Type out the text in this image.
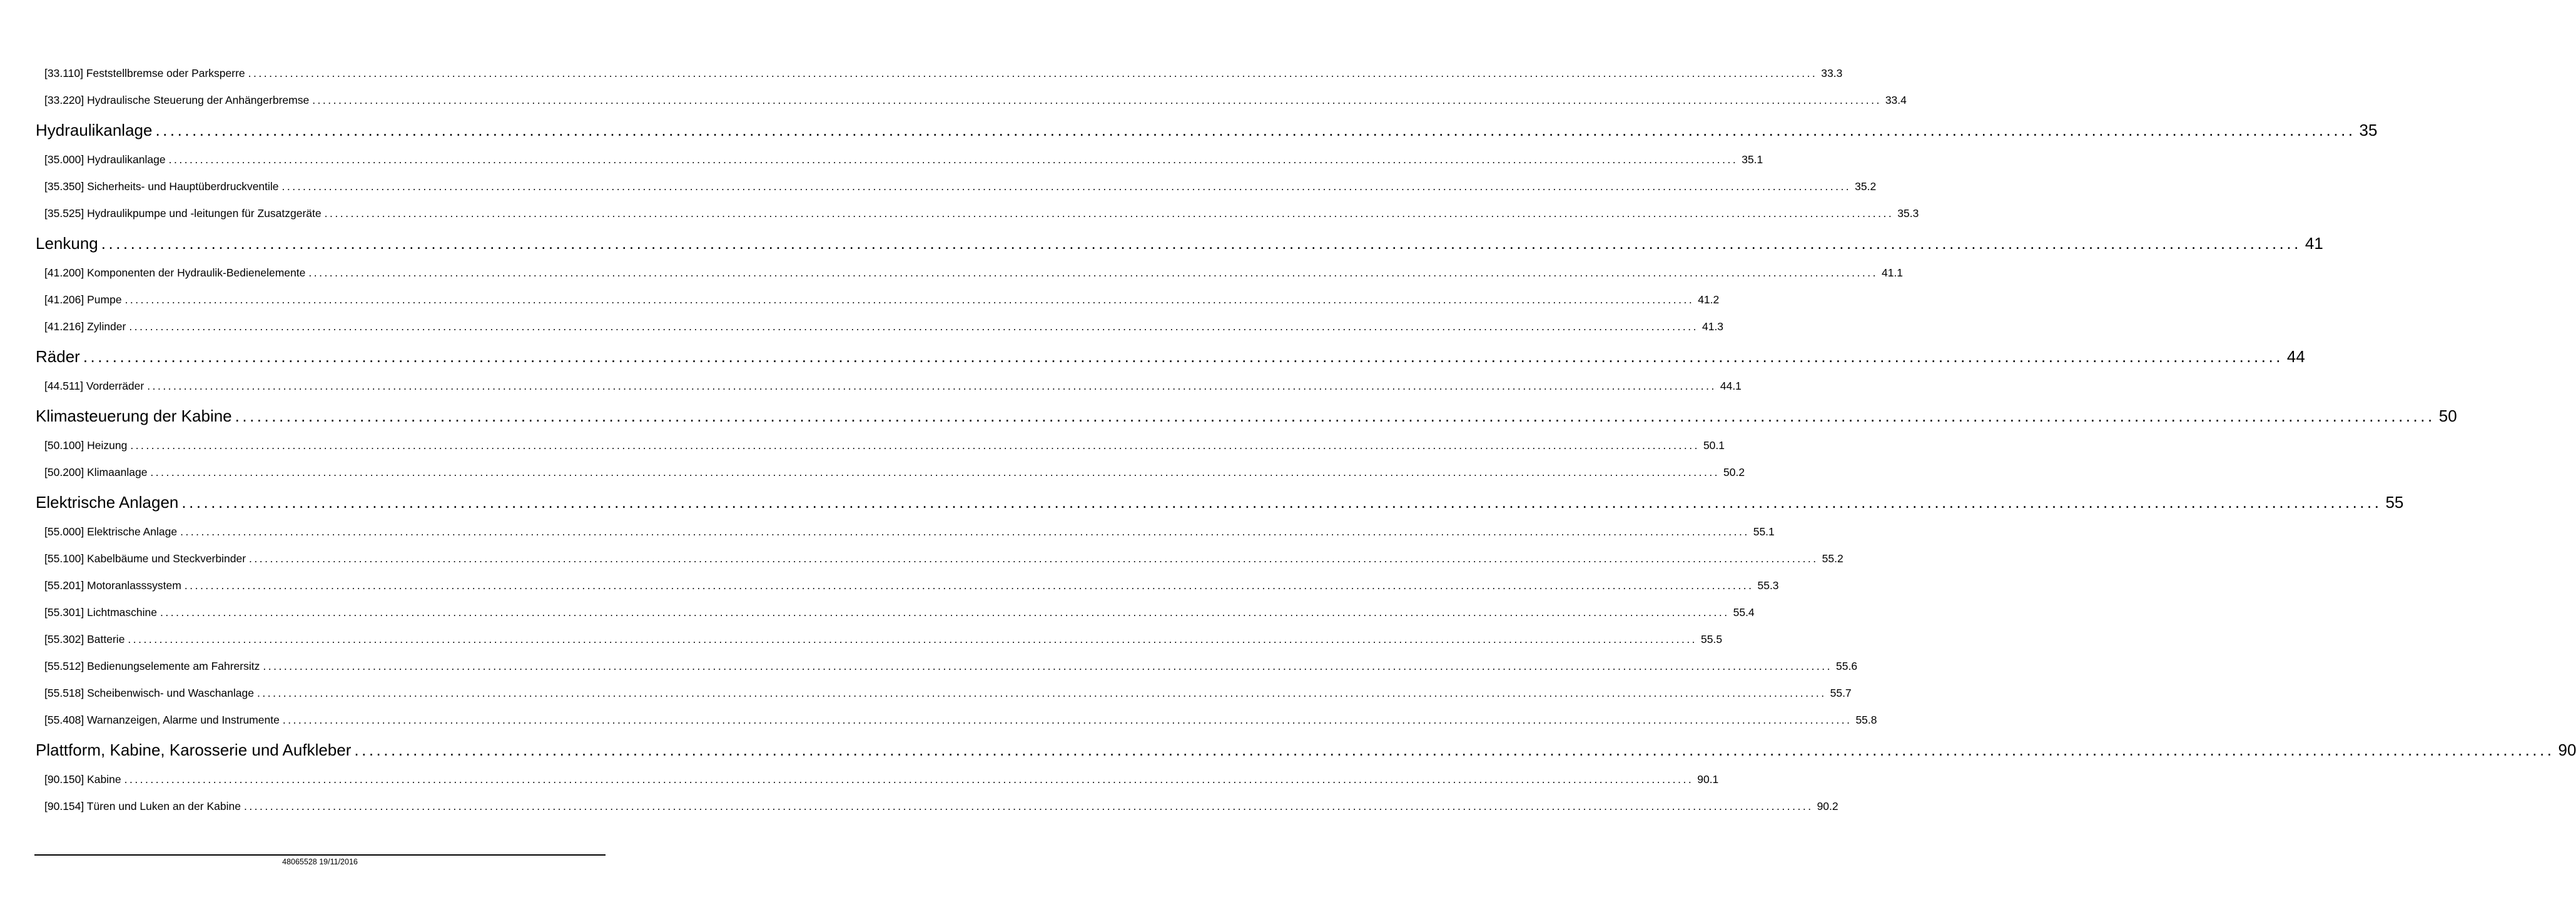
[33.110] Feststellbremse oder Parksperre ............................................................................................................................................................................................................................................................................................................ 33.3
[33.220] Hydraulische Steuerung der Anhängerbremse ............................................................................................................................................................................................................................................................................................................ 33.4
Hydraulikanlage ............................................................................................................................................................................................................................................................................................................ 35
[35.000] Hydraulikanlage ............................................................................................................................................................................................................................................................................................................ 35.1
[35.350] Sicherheits- und Hauptüberdruckventile ............................................................................................................................................................................................................................................................................................................ 35.2
[35.525] Hydraulikpumpe und -leitungen für Zusatzgeräte ............................................................................................................................................................................................................................................................................................................ 35.3
Lenkung ............................................................................................................................................................................................................................................................................................................ 41
[41.200] Komponenten der Hydraulik-Bedienelemente ............................................................................................................................................................................................................................................................................................................ 41.1
[41.206] Pumpe ............................................................................................................................................................................................................................................................................................................ 41.2
[41.216] Zylinder ............................................................................................................................................................................................................................................................................................................ 41.3
Räder ............................................................................................................................................................................................................................................................................................................ 44
[44.511] Vorderräder ............................................................................................................................................................................................................................................................................................................ 44.1
Klimasteuerung der Kabine ............................................................................................................................................................................................................................................................................................................ 50
[50.100] Heizung ............................................................................................................................................................................................................................................................................................................ 50.1
[50.200] Klimaanlage ............................................................................................................................................................................................................................................................................................................ 50.2
Elektrische Anlagen ............................................................................................................................................................................................................................................................................................................ 55
[55.000] Elektrische Anlage ............................................................................................................................................................................................................................................................................................................ 55.1
[55.100] Kabelbäume und Steckverbinder ............................................................................................................................................................................................................................................................................................................ 55.2
[55.201] Motoranlasssystem ............................................................................................................................................................................................................................................................................................................ 55.3
[55.301] Lichtmaschine ............................................................................................................................................................................................................................................................................................................ 55.4
[55.302] Batterie ............................................................................................................................................................................................................................................................................................................ 55.5
[55.512] Bedienungselemente am Fahrersitz ............................................................................................................................................................................................................................................................................................................ 55.6
[55.518] Scheibenwisch- und Waschanlage ............................................................................................................................................................................................................................................................................................................ 55.7
[55.408] Warnanzeigen, Alarme und Instrumente ............................................................................................................................................................................................................................................................................................................ 55.8
Plattform, Kabine, Karosserie und Aufkleber ............................................................................................................................................................................................................................................................................................................ 90
[90.150] Kabine ............................................................................................................................................................................................................................................................................................................ 90.1
[90.154] Türen und Luken an der Kabine ............................................................................................................................................................................................................................................................................................................ 90.2
48065528 19/11/2016
